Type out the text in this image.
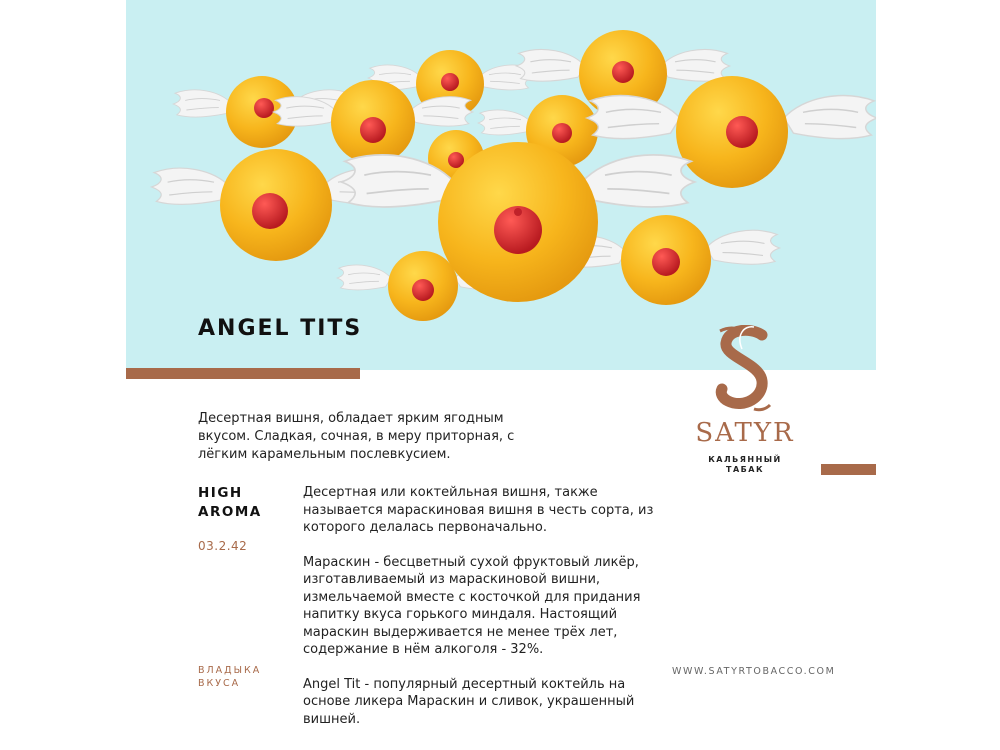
ANGEL TITS
SATYR
КАЛЬЯННЫЙ
ТАБАК
Десертная вишня, обладает ярким ягодным вкусом. Сладкая, сочная, в меру приторная, с лёгким карамельным послевкусием.
HIGH
AROMA
03.2.42

Десертная или коктейльная вишня, также называется мараскиновая вишня в честь сорта, из которого делалась первоначально.

Мараскин - бесцветный сухой фруктовый ликёр, изготавливаемый из мараскиновой вишни, измельчаемой вместе с косточкой для придания напитку вкуса горького миндаля. Настоящий мараскин выдерживается не менее трёх лет, содержание в нём алкоголя - 32%.

Angel Tit - популярный десертный коктейль на основе ликера Мараскин и сливок, украшенный вишней.

ВЛАДЫКА
ВКУСА
WWW.SATYRTOBACCO.COM
